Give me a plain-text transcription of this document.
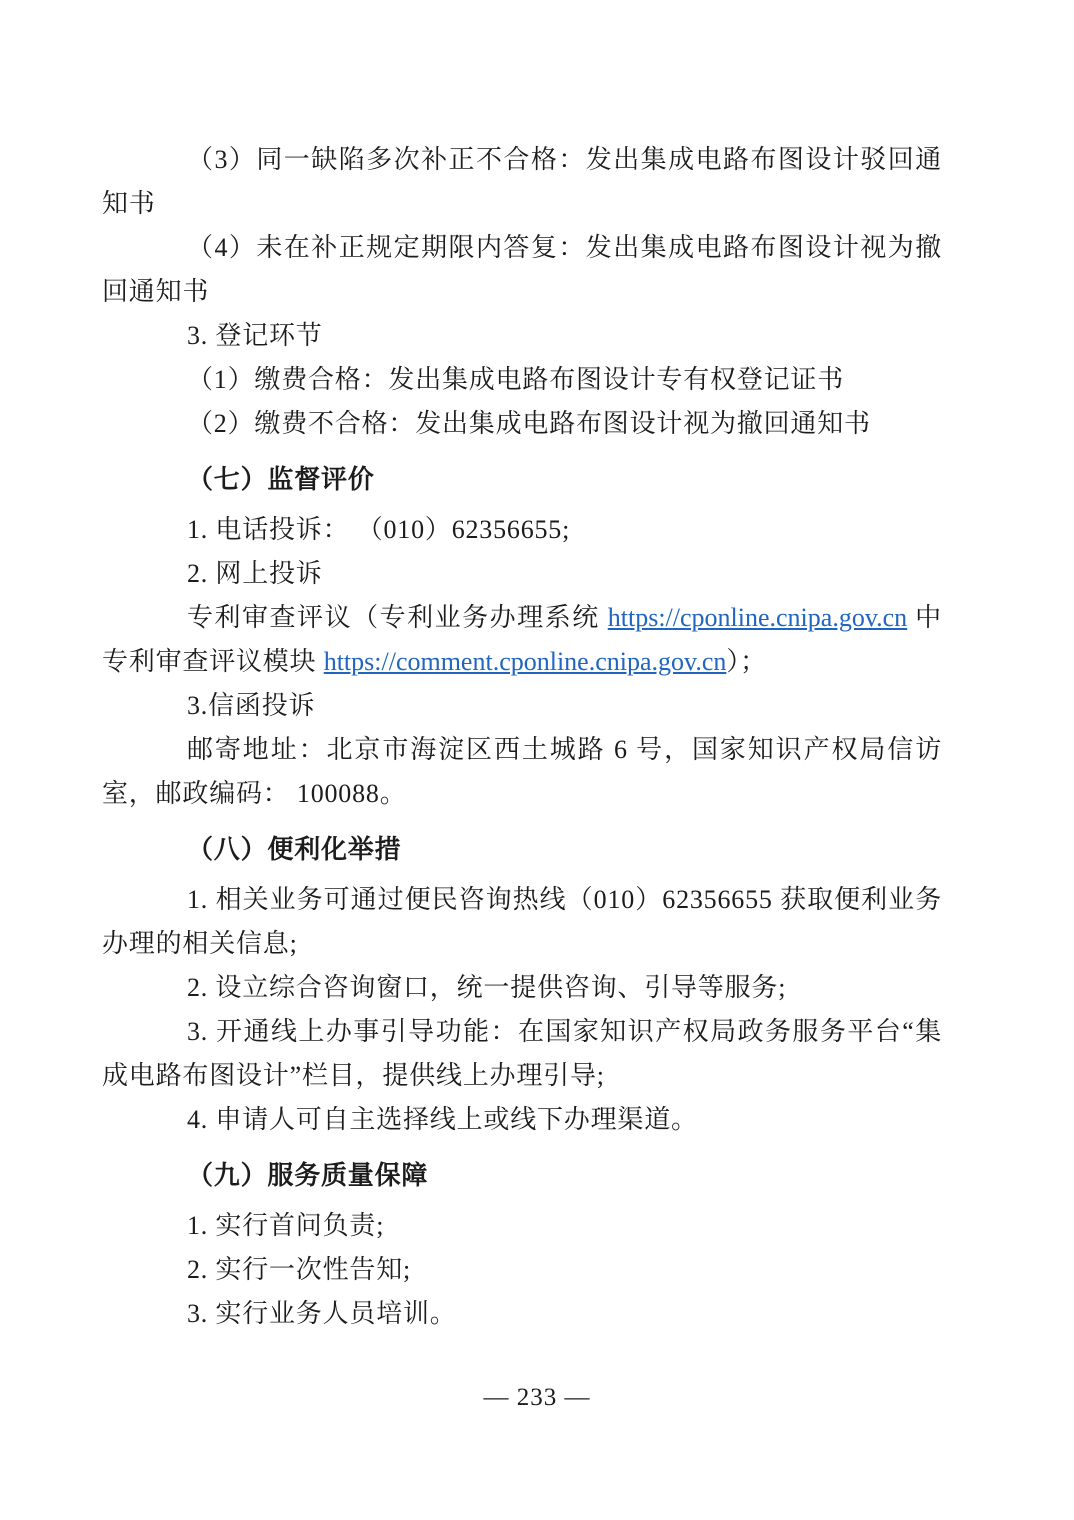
（3）同一缺陷多次补正不合格：发出集成电路布图设计驳回通知书

（4）未在补正规定期限内答复：发出集成电路布图设计视为撤回通知书

3. 登记环节

（1）缴费合格：发出集成电路布图设计专有权登记证书

（2）缴费不合格：发出集成电路布图设计视为撤回通知书

（七）监督评价

1. 电话投诉： （010）62356655;

2. 网上投诉

专利审查评议（专利业务办理系统 https://cponline.cnipa.gov.cn 中专利审查评议模块 https://comment.cponline.cnipa.gov.cn）；

3.信函投诉

邮寄地址：北京市海淀区西土城路 6 号，国家知识产权局信访室，邮政编码： 100088。

（八）便利化举措

1. 相关业务可通过便民咨询热线（010）62356655 获取便利业务办理的相关信息;

2. 设立综合咨询窗口，统一提供咨询、引导等服务;

3. 开通线上办事引导功能：在国家知识产权局政务服务平台“集成电路布图设计”栏目，提供线上办理引导;

4. 申请人可自主选择线上或线下办理渠道。

（九）服务质量保障

1. 实行首问负责;

2. 实行一次性告知;

3. 实行业务人员培训。

— 233 —
